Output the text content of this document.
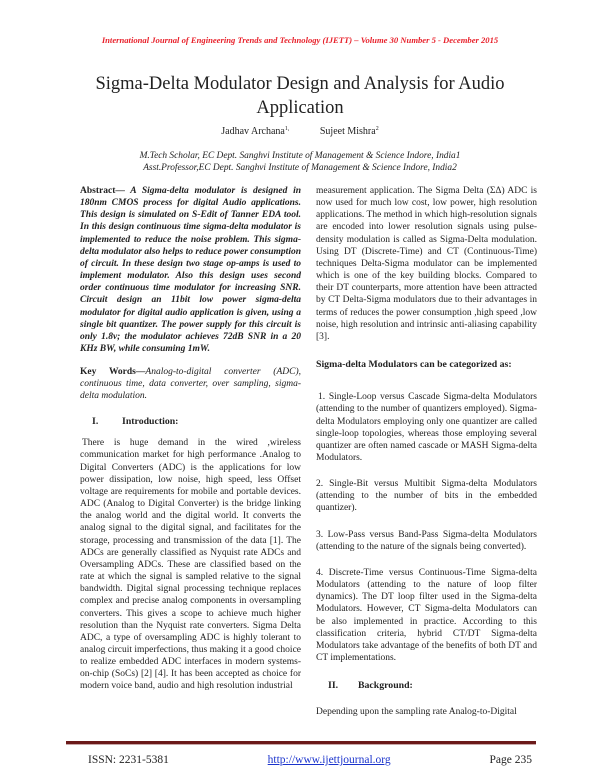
International Journal of Engineering Trends and Technology (IJETT) – Volume 30 Number 5 - December 2015
Sigma-Delta Modulator Design and Analysis for Audio Application
Jadhav Archana$^{1,}$	Sujeet Mishra$^2$
M.Tech Scholar, EC Dept. Sanghvi Institute of Management & Science Indore, India1
Asst.Professor,EC Dept. Sanghvi Institute of Management & Science Indore, India2

Abstract— A Sigma-delta modulator is designed in 180nm CMOS process for digital Audio applications. This design is simulated on S-Edit of Tanner EDA tool. In this design continuous time sigma-delta modulator is implemented to reduce the noise problem. This sigma-delta modulator also helps to reduce power consumption of circuit. In these design two stage op-amps is used to implement modulator. Also this design uses second order continuous time modulator for increasing SNR. Circuit design an 11bit low power sigma-delta modulator for digital audio application is given, using a single bit quantizer. The power supply for this circuit is only 1.8v; the modulator achieves 72dB SNR in a 20 KHz BW, while consuming 1mW.

Key Words—Analog-to-digital converter (ADC), continuous time, data converter, over sampling, sigma-delta modulation.

I. Introduction:

There is huge demand in the wired ,wireless communication market for high performance .Analog to Digital Converters (ADC) is the applications for low power dissipation, low noise, high speed, less Offset voltage are requirements for mobile and portable devices. ADC (Analog to Digital Converter) is the bridge linking the analog world and the digital world. It converts the analog signal to the digital signal, and facilitates for the storage, processing and transmission of the data [1]. The ADCs are generally classified as Nyquist rate ADCs and Oversampling ADCs. These are classified based on the rate at which the signal is sampled relative to the signal bandwidth. Digital signal processing technique replaces complex and precise analog components in oversampling converters. This gives a scope to achieve much higher resolution than the Nyquist rate converters. Sigma Delta ADC, a type of oversampling ADC is highly tolerant to analog circuit imperfections, thus making it a good choice to realize embedded ADC interfaces in modern systems-on-chip (SoCs) [2] [4]. It has been accepted as choice for modern voice band, audio and high resolution industrial

measurement application. The Sigma Delta (ΣΔ) ADC is now used for much low cost, low power, high resolution applications. The method in which high-resolution signals are encoded into lower resolution signals using pulse-density modulation is called as Sigma-Delta modulation. Using DT (Discrete-Time) and CT (Continuous-Time) techniques Delta-Sigma modulator can be implemented which is one of the key building blocks. Compared to their DT counterparts, more attention have been attracted by CT Delta-Sigma modulators due to their advantages in terms of reduces the power consumption ,high speed ,low noise, high resolution and intrinsic anti-aliasing capability [3].

Sigma-delta Modulators can be categorized as:

1. Single-Loop versus Cascade Sigma-delta Modulators (attending to the number of quantizers employed). Sigma-delta Modulators employing only one quantizer are called single-loop topologies, whereas those employing several quantizer are often named cascade or MASH Sigma-delta Modulators.

2. Single-Bit versus Multibit Sigma-delta Modulators (attending to the number of bits in the embedded quantizer).

3. Low-Pass versus Band-Pass Sigma-delta Modulators (attending to the nature of the signals being converted).

4. Discrete-Time versus Continuous-Time Sigma-delta Modulators (attending to the nature of loop filter dynamics). The DT loop filter used in the Sigma-delta Modulators. However, CT Sigma-delta Modulators can be also implemented in practice. According to this classification criteria, hybrid CT/DT Sigma-delta Modulators take advantage of the benefits of both DT and CT implementations.

II. Background:

Depending upon the sampling rate Analog-to-Digital

ISSN: 2231-5381	http://www.ijettjournal.org	Page 235
